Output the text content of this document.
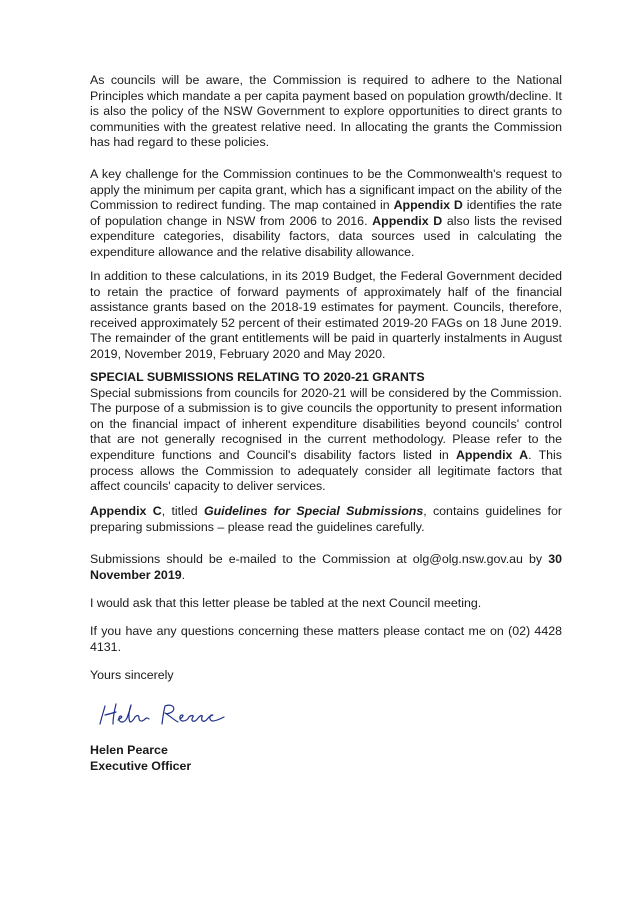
As councils will be aware, the Commission is required to adhere to the National Principles which mandate a per capita payment based on population growth/decline. It is also the policy of the NSW Government to explore opportunities to direct grants to communities with the greatest relative need. In allocating the grants the Commission has had regard to these policies.

A key challenge for the Commission continues to be the Commonwealth's request to apply the minimum per capita grant, which has a significant impact on the ability of the Commission to redirect funding. The map contained in Appendix D identifies the rate of population change in NSW from 2006 to 2016. Appendix D also lists the revised expenditure categories, disability factors, data sources used in calculating the expenditure allowance and the relative disability allowance.

In addition to these calculations, in its 2019 Budget, the Federal Government decided to retain the practice of forward payments of approximately half of the financial assistance grants based on the 2018-19 estimates for payment. Councils, therefore, received approximately 52 percent of their estimated 2019-20 FAGs on 18 June 2019. The remainder of the grant entitlements will be paid in quarterly instalments in August 2019, November 2019, February 2020 and May 2020.

SPECIAL SUBMISSIONS RELATING TO 2020-21 GRANTS
Special submissions from councils for 2020-21 will be considered by the Commission. The purpose of a submission is to give councils the opportunity to present information on the financial impact of inherent expenditure disabilities beyond councils' control that are not generally recognised in the current methodology. Please refer to the expenditure functions and Council's disability factors listed in Appendix A. This process allows the Commission to adequately consider all legitimate factors that affect councils' capacity to deliver services.

Appendix C, titled Guidelines for Special Submissions, contains guidelines for preparing submissions – please read the guidelines carefully.

Submissions should be e-mailed to the Commission at olg@olg.nsw.gov.au by 30 November 2019.

I would ask that this letter please be tabled at the next Council meeting.

If you have any questions concerning these matters please contact me on (02) 4428 4131.

Yours sincerely

Helen Pearce
Executive Officer
